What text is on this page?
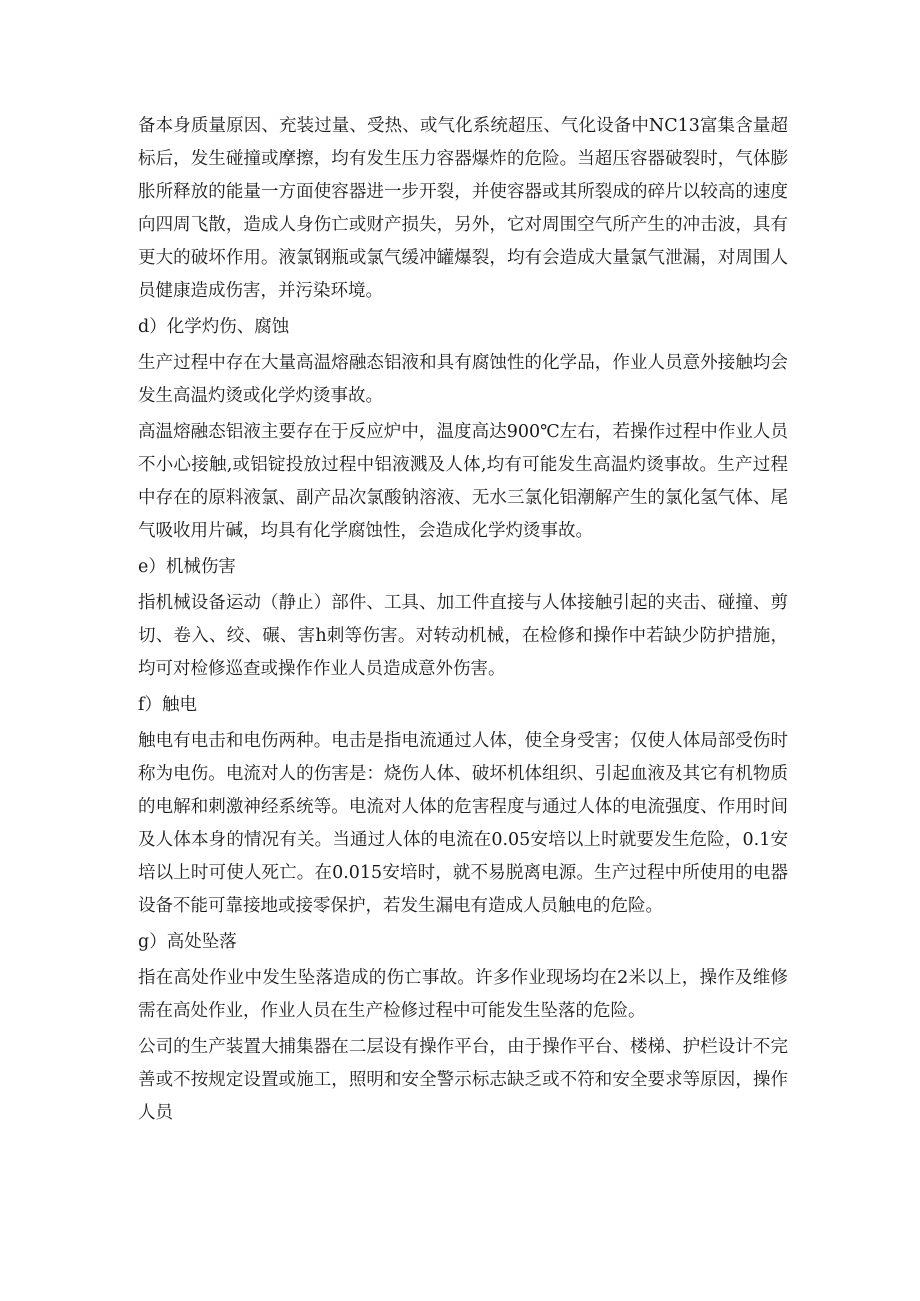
备本身质量原因、充装过量、受热、或气化系统超压、气化设备中NC13富集含量超标后，发生碰撞或摩擦，均有发生压力容器爆炸的危险。当超压容器破裂时，气体膨胀所释放的能量一方面使容器进一步开裂，并使容器或其所裂成的碎片以较高的速度向四周飞散，造成人身伤亡或财产损失，另外，它对周围空气所产生的冲击波，具有更大的破坏作用。液氯钢瓶或氯气缓冲罐爆裂，均有会造成大量氯气泄漏，对周围人员健康造成伤害，并污染环境。

d）化学灼伤、腐蚀

生产过程中存在大量高温熔融态铝液和具有腐蚀性的化学品，作业人员意外接触均会发生高温灼烫或化学灼烫事故。

高温熔融态铝液主要存在于反应炉中，温度高达900℃左右，若操作过程中作业人员不小心接触,或铝锭投放过程中铝液溅及人体,均有可能发生高温灼烫事故。生产过程中存在的原料液氯、副产品次氯酸钠溶液、无水三氯化铝潮解产生的氯化氢气体、尾气吸收用片碱，均具有化学腐蚀性，会造成化学灼烫事故。

e）机械伤害

指机械设备运动（静止）部件、工具、加工件直接与人体接触引起的夹击、碰撞、剪切、卷入、绞、碾、害h刺等伤害。对转动机械，在检修和操作中若缺少防护措施，均可对检修巡查或操作作业人员造成意外伤害。

f）触电

触电有电击和电伤两种。电击是指电流通过人体，使全身受害；仅使人体局部受伤时称为电伤。电流对人的伤害是：烧伤人体、破坏机体组织、引起血液及其它有机物质的电解和刺激神经系统等。电流对人体的危害程度与通过人体的电流强度、作用时间及人体本身的情况有关。当通过人体的电流在0.05安培以上时就要发生危险，0.1安培以上时可使人死亡。在0.015安培时，就不易脱离电源。生产过程中所使用的电器设备不能可靠接地或接零保护，若发生漏电有造成人员触电的危险。

g）高处坠落

指在高处作业中发生坠落造成的伤亡事故。许多作业现场均在2米以上，操作及维修需在高处作业，作业人员在生产检修过程中可能发生坠落的危险。

公司的生产装置大捕集器在二层设有操作平台，由于操作平台、楼梯、护栏设计不完善或不按规定设置或施工，照明和安全警示标志缺乏或不符和安全要求等原因，操作人员
